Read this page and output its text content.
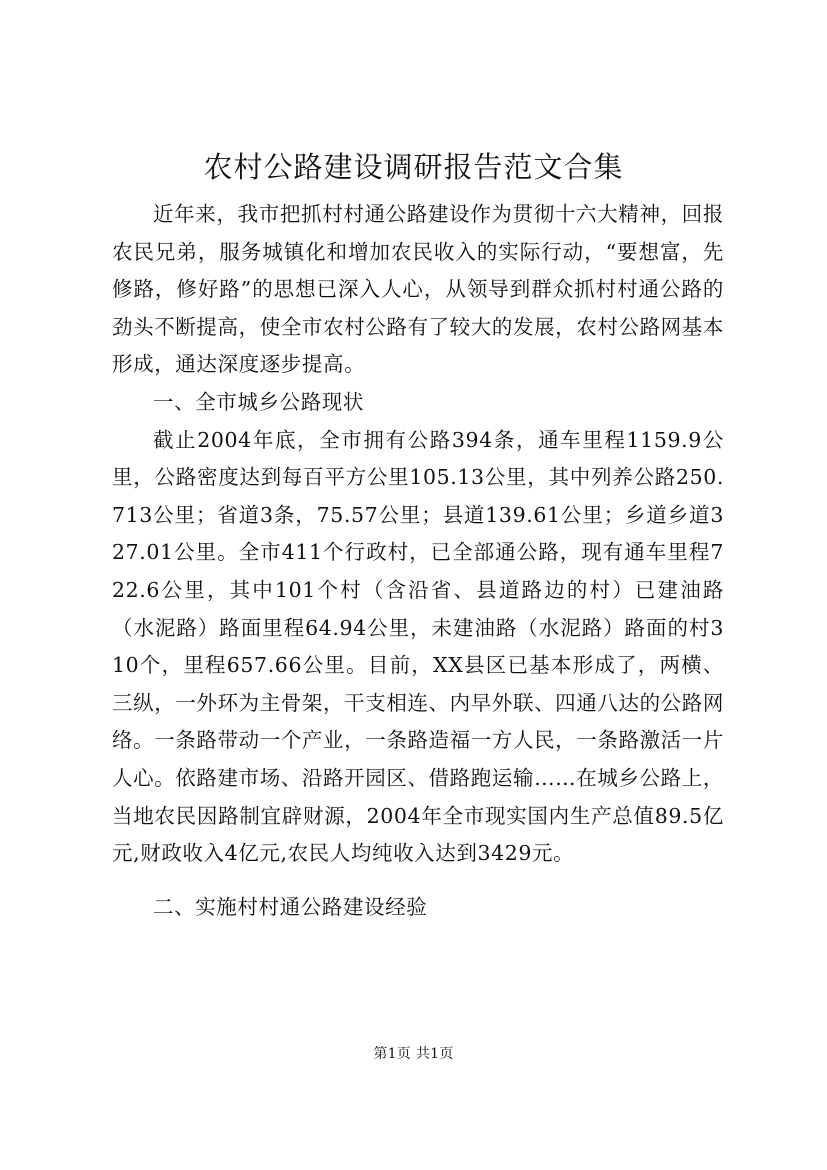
农村公路建设调研报告范文合集

近年来，我市把抓村村通公路建设作为贯彻十六大精神，回报农民兄弟，服务城镇化和增加农民收入的实际行动，“要想富，先修路，修好路”的思想已深入人心，从领导到群众抓村村通公路的劲头不断提高，使全市农村公路有了较大的发展，农村公路网基本形成，通达深度逐步提高。

一、全市城乡公路现状

截止2004年底，全市拥有公路394条，通车里程1159.9公里，公路密度达到每百平方公里105.13公里，其中列养公路250.713公里；省道3条，75.57公里；县道139.61公里；乡道乡道327.01公里。全市411个行政村，已全部通公路，现有通车里程722.6公里，其中101个村（含沿省、县道路边的村）已建油路（水泥路）路面里程64.94公里，未建油路（水泥路）路面的村310个，里程657.66公里。目前，XX县区已基本形成了，两横、三纵，一外环为主骨架，干支相连、内早外联、四通八达的公路网络。一条路带动一个产业，一条路造福一方人民，一条路激活一片人心。依路建市场、沿路开园区、借路跑运输……在城乡公路上，当地农民因路制宜辟财源，2004年全市现实国内生产总值89.5亿元,财政收入4亿元,农民人均纯收入达到3429元。

二、实施村村通公路建设经验

第1页 共1页
